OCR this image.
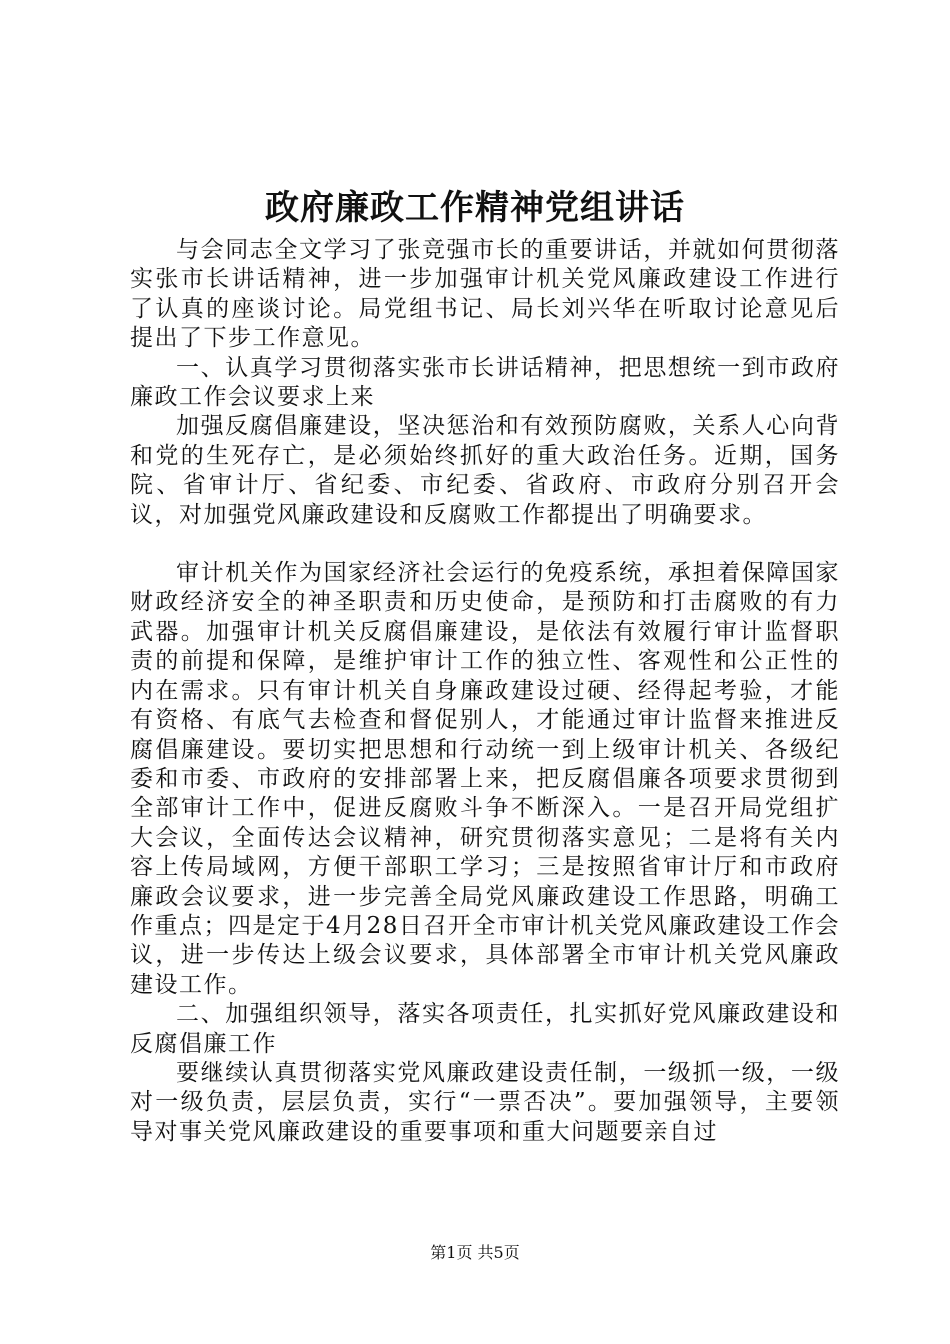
政府廉政工作精神党组讲话

与会同志全文学习了张竞强市长的重要讲话，并就如何贯彻落实张市长讲话精神，进一步加强审计机关党风廉政建设工作进行了认真的座谈讨论。局党组书记、局长刘兴华在听取讨论意见后提出了下步工作意见。

一、认真学习贯彻落实张市长讲话精神，把思想统一到市政府廉政工作会议要求上来

加强反腐倡廉建设，坚决惩治和有效预防腐败，关系人心向背和党的生死存亡，是必须始终抓好的重大政治任务。近期，国务院、省审计厅、省纪委、市纪委、省政府、市政府分别召开会议，对加强党风廉政建设和反腐败工作都提出了明确要求。

审计机关作为国家经济社会运行的免疫系统，承担着保障国家财政经济安全的神圣职责和历史使命，是预防和打击腐败的有力武器。加强审计机关反腐倡廉建设，是依法有效履行审计监督职责的前提和保障，是维护审计工作的独立性、客观性和公正性的内在需求。只有审计机关自身廉政建设过硬、经得起考验，才能有资格、有底气去检查和督促别人，才能通过审计监督来推进反腐倡廉建设。要切实把思想和行动统一到上级审计机关、各级纪委和市委、市政府的安排部署上来，把反腐倡廉各项要求贯彻到全部审计工作中，促进反腐败斗争不断深入。一是召开局党组扩大会议，全面传达会议精神，研究贯彻落实意见；二是将有关内容上传局域网，方便干部职工学习；三是按照省审计厅和市政府廉政会议要求，进一步完善全局党风廉政建设工作思路，明确工作重点；四是定于4月28日召开全市审计机关党风廉政建设工作会议，进一步传达上级会议要求，具体部署全市审计机关党风廉政建设工作。

二、加强组织领导，落实各项责任，扎实抓好党风廉政建设和反腐倡廉工作

要继续认真贯彻落实党风廉政建设责任制，一级抓一级，一级对一级负责，层层负责，实行“一票否决”。要加强领导，主要领导对事关党风廉政建设的重要事项和重大问题要亲自过

第1页 共5页
